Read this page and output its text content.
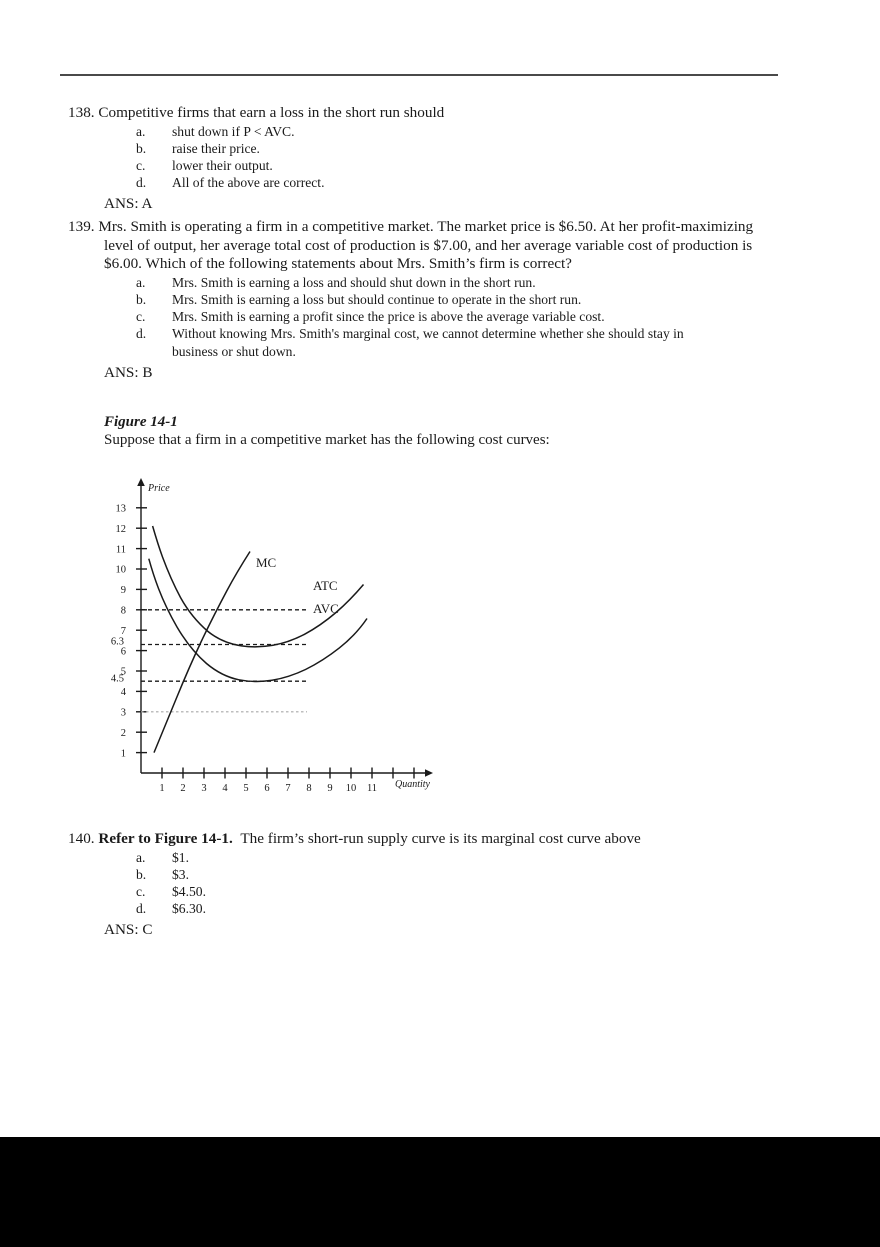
138. Competitive firms that earn a loss in the short run should
a. shut down if P < AVC.
b. raise their price.
c. lower their output.
d. All of the above are correct.
ANS: A
139. Mrs. Smith is operating a firm in a competitive market. The market price is $6.50. At her profit-maximizing level of output, her average total cost of production is $7.00, and her average variable cost of production is $6.00. Which of the following statements about Mrs. Smith’s firm is correct?
a. Mrs. Smith is earning a loss and should shut down in the short run.
b. Mrs. Smith is earning a loss but should continue to operate in the short run.
c. Mrs. Smith is earning a profit since the price is above the average variable cost.
d. Without knowing Mrs. Smith's marginal cost, we cannot determine whether she should stay in business or shut down.
ANS: B
Figure 14-1
Suppose that a firm in a competitive market has the following cost curves:
Price
Quantity
1
2
3
4
5
6
7
8
9
10
11
12
13
6.3
4.5
1 2 3 4 5 6 7 8 9 10 11
MC
ATC
AVC
140. Refer to Figure 14-1. The firm’s short-run supply curve is its marginal cost curve above
a. $1.
b. $3.
c. $4.50.
d. $6.30.
ANS: C
